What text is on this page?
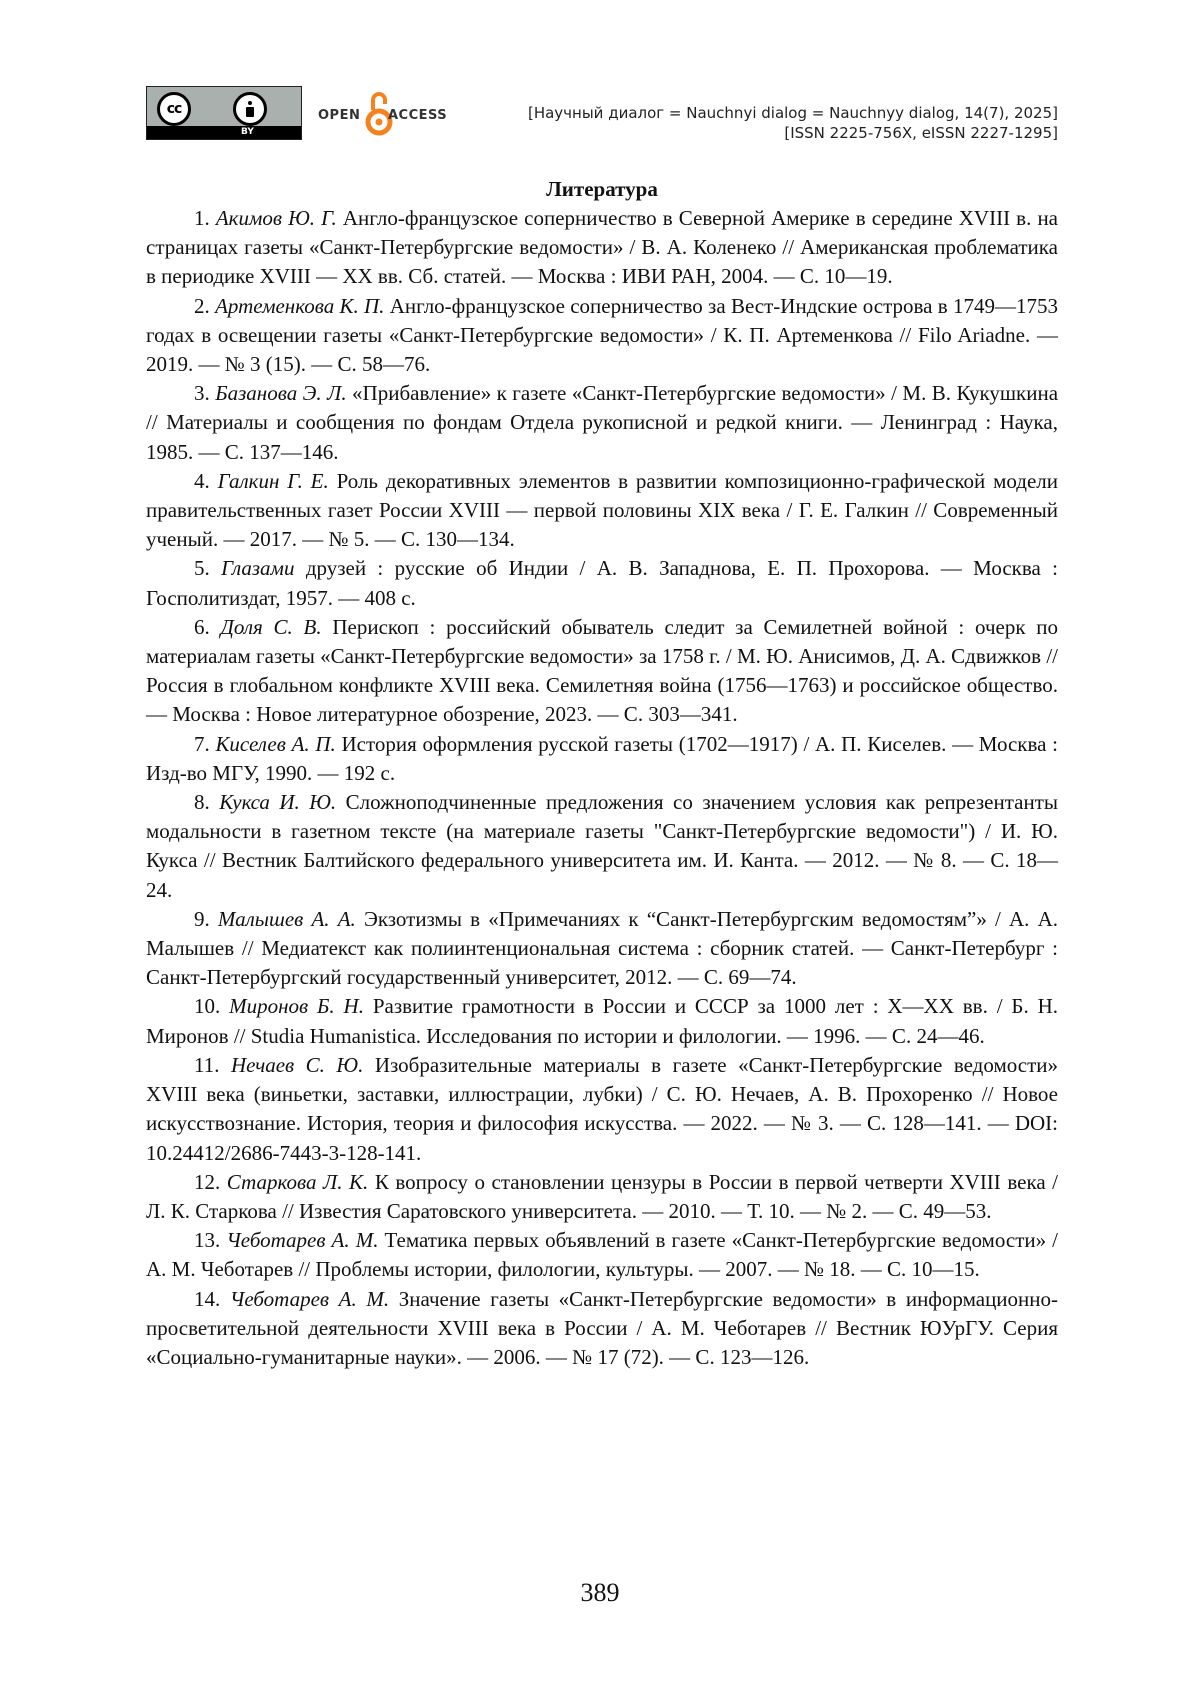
cc
BY
OPEN ACCESS	[Научный диалог = Nauchnyi dialog = Nauchnyy dialog, 14(7), 2025]
[ISSN 2225-756X, eISSN 2227-1295]
Литература

1. Акимов Ю. Г. Англо-французское соперничество в Северной Америке в середине XVIII в. на страницах газеты «Санкт-Петербургские ведомости» / В. А. Коленеко // Американская проблематика в периодике XVIII — XX вв. Сб. статей. — Москва : ИВИ РАН, 2004. — С. 10—19.

2. Артеменкова К. П. Англо-французское соперничество за Вест-Индские острова в 1749—1753 годах в освещении газеты «Санкт-Петербургские ведомости» / К. П. Артеменкова // Filo Ariadne. — 2019. — № 3 (15). — С. 58—76.

3. Базанова Э. Л. «Прибавление» к газете «Санкт-Петербургские ведомости» / М. В. Кукушкина // Материалы и сообщения по фондам Отдела рукописной и редкой книги. — Ленинград : Наука, 1985. — С. 137—146.

4. Галкин Г. Е. Роль декоративных элементов в развитии композиционно-графической модели правительственных газет России XVIII — первой половины XIX века / Г. Е. Галкин // Современный ученый. — 2017. — № 5. — С. 130—134.

5. Глазами друзей : русские об Индии / А. В. Западнова, Е. П. Прохорова. — Москва : Госполитиздат, 1957. — 408 с.

6. Доля С. В. Перископ : российский обыватель следит за Семилетней войной : очерк по материалам газеты «Санкт-Петербургские ведомости» за 1758 г. / М. Ю. Анисимов, Д. А. Сдвижков // Россия в глобальном конфликте XVIII века. Семилетняя война (1756—1763) и российское общество. — Москва : Новое литературное обозрение, 2023. — С. 303—341.

7. Киселев А. П. История оформления русской газеты (1702—1917) / А. П. Киселев. — Москва : Изд-во МГУ, 1990. — 192 с.

8. Кукса И. Ю. Сложноподчиненные предложения со значением условия как репрезентанты модальности в газетном тексте (на материале газеты "Санкт-Петербургские ведомости") / И. Ю. Кукса // Вестник Балтийского федерального университета им. И. Канта. — 2012. — № 8. — С. 18—24.

9. Малышев А. А. Экзотизмы в «Примечаниях к “Санкт-Петербургским ведомостям”» / А. А. Малышев // Медиатекст как полиинтенциональная система : сборник статей. — Санкт-Петербург : Санкт-Петербургский государственный университет, 2012. — С. 69—74.

10. Миронов Б. Н. Развитие грамотности в России и СССР за 1000 лет : X—XX вв. / Б. Н. Миронов // Studia Humanistica. Исследования по истории и филологии. — 1996. — С. 24—46.

11. Нечаев С. Ю. Изобразительные материалы в газете «Санкт-Петербургские ведомости» XVIII века (виньетки, заставки, иллюстрации, лубки) / С. Ю. Нечаев, А. В. Прохоренко // Новое искусствознание. История, теория и философия искусства. — 2022. — № 3. — С. 128—141. — DOI: 10.24412/2686-7443-3-128-141.

12. Старкова Л. К. К вопросу о становлении цензуры в России в первой четверти XVIII века / Л. К. Старкова // Известия Саратовского университета. — 2010. — Т. 10. — № 2. — С. 49—53.

13. Чеботарев А. М. Тематика первых объявлений в газете «Санкт-Петербургские ведомости» / А. М. Чеботарев // Проблемы истории, филологии, культуры. — 2007. — № 18. — С. 10—15.

14. Чеботарев А. М. Значение газеты «Санкт-Петербургские ведомости» в информационно-просветительной деятельности XVIII века в России / А. М. Чеботарев // Вестник ЮУрГУ. Серия «Социально-гуманитарные науки». — 2006. — № 17 (72). — С. 123—126.

389
